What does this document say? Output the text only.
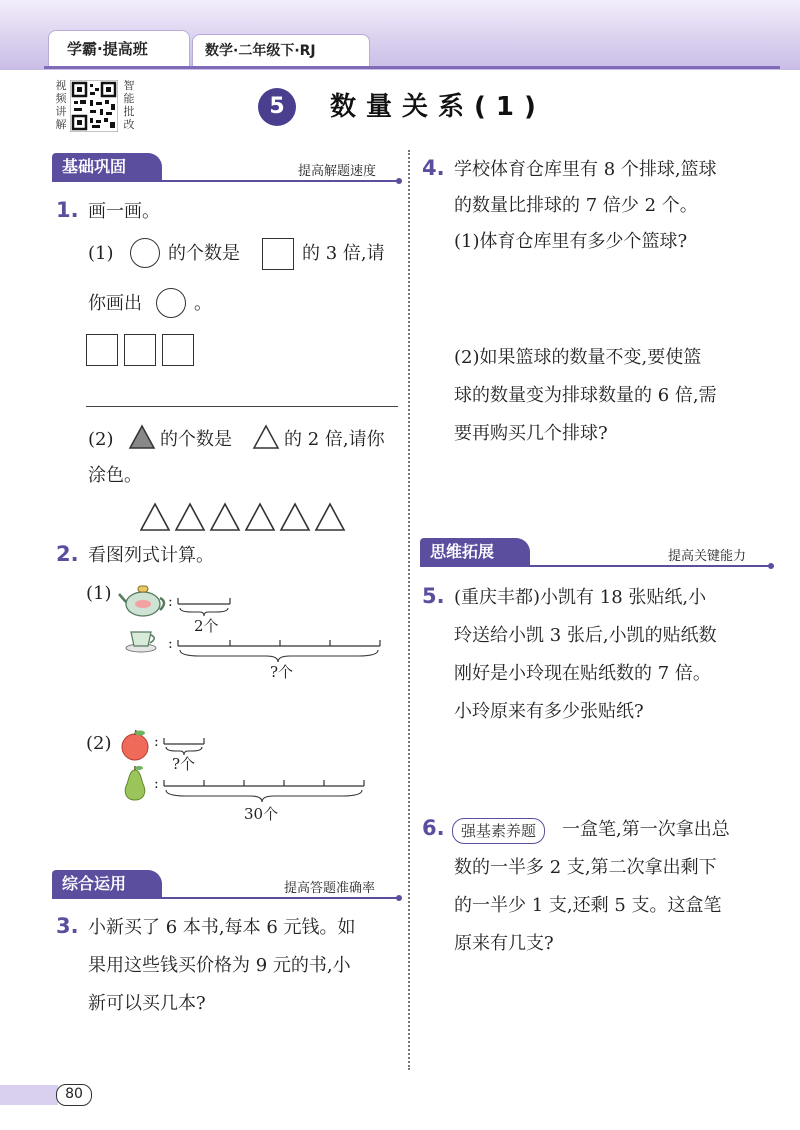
学霸·提高班	数学·二年级下·RJ
视频讲解
智能批改
5	数量关系(1)
基础巩固	提高解题速度
1. 画一画。
(1)	的个数是	的 3 倍,请
你画出	。
(2)	的个数是	的 2 倍,请你
涂色。
2. 看图列式计算。
(1)	:
2个
:
?个
(2)	:
?个
:
30个
综合运用	提高答题准确率
3. 小新买了 6 本书,每本 6 元钱。如
果用这些钱买价格为 9 元的书,小
新可以买几本?
4. 学校体育仓库里有 8 个排球,篮球
的数量比排球的 7 倍少 2 个。
(1)体育仓库里有多少个篮球?
(2)如果篮球的数量不变,要使篮
球的数量变为排球数量的 6 倍,需
要再购买几个排球?
思维拓展	提高关键能力
5. (重庆丰都)小凯有 18 张贴纸,小
玲送给小凯 3 张后,小凯的贴纸数
刚好是小玲现在贴纸数的 7 倍。
小玲原来有多少张贴纸?
6.	强基素养题	一盒笔,第一次拿出总
数的一半多 2 支,第二次拿出剩下
的一半少 1 支,还剩 5 支。这盒笔
原来有几支?
80
